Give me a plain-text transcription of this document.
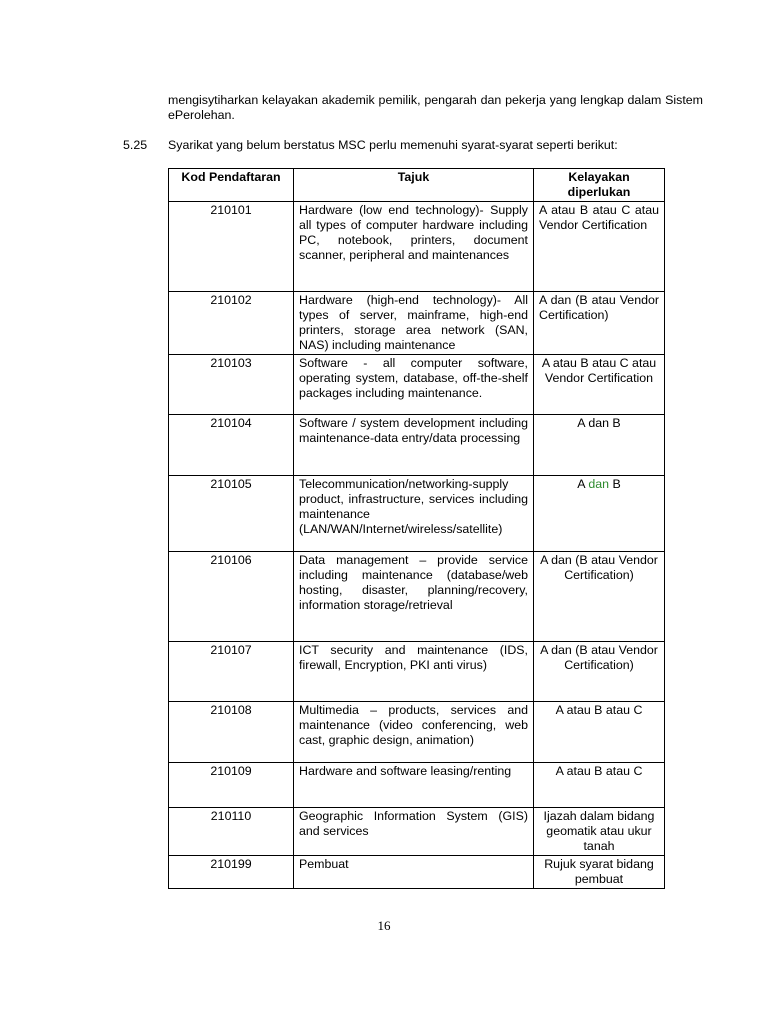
mengisytiharkan kelayakan akademik pemilik, pengarah dan pekerja yang lengkap dalam Sistem ePerolehan.
5.25 Syarikat yang belum berstatus MSC perlu memenuhi syarat-syarat seperti berikut:
Kod Pendaftaran	Tajuk	Kelayakan diperlukan
210101	Hardware (low end technology)- Supply all types of computer hardware including PC, notebook, printers, document scanner, peripheral and maintenances	A atau B atau C atau Vendor Certification
210102	Hardware (high-end technology)- All types of server, mainframe, high-end printers, storage area network (SAN, NAS) including maintenance	A dan (B atau Vendor Certification)
210103	Software - all computer software, operating system, database, off-the-shelf packages including maintenance.	A atau B atau C atau Vendor Certification
210104	Software / system development including maintenance-data entry/data processing	A dan B
210105	Telecommunication/networking-supply product, infrastructure, services including maintenance (LAN/WAN/Internet/wireless/satellite)	A dan B
210106	Data management – provide service including maintenance (database/web hosting, disaster, planning/recovery, information storage/retrieval	A dan (B atau Vendor Certification)
210107	ICT security and maintenance (IDS, firewall, Encryption, PKI anti virus)	A dan (B atau Vendor Certification)
210108	Multimedia – products, services and maintenance (video conferencing, web cast, graphic design, animation)	A atau B atau C
210109	Hardware and software leasing/renting	A atau B atau C
210110	Geographic Information System (GIS) and services	Ijazah dalam bidang geomatik atau ukur tanah
210199	Pembuat	Rujuk syarat bidang pembuat
16
